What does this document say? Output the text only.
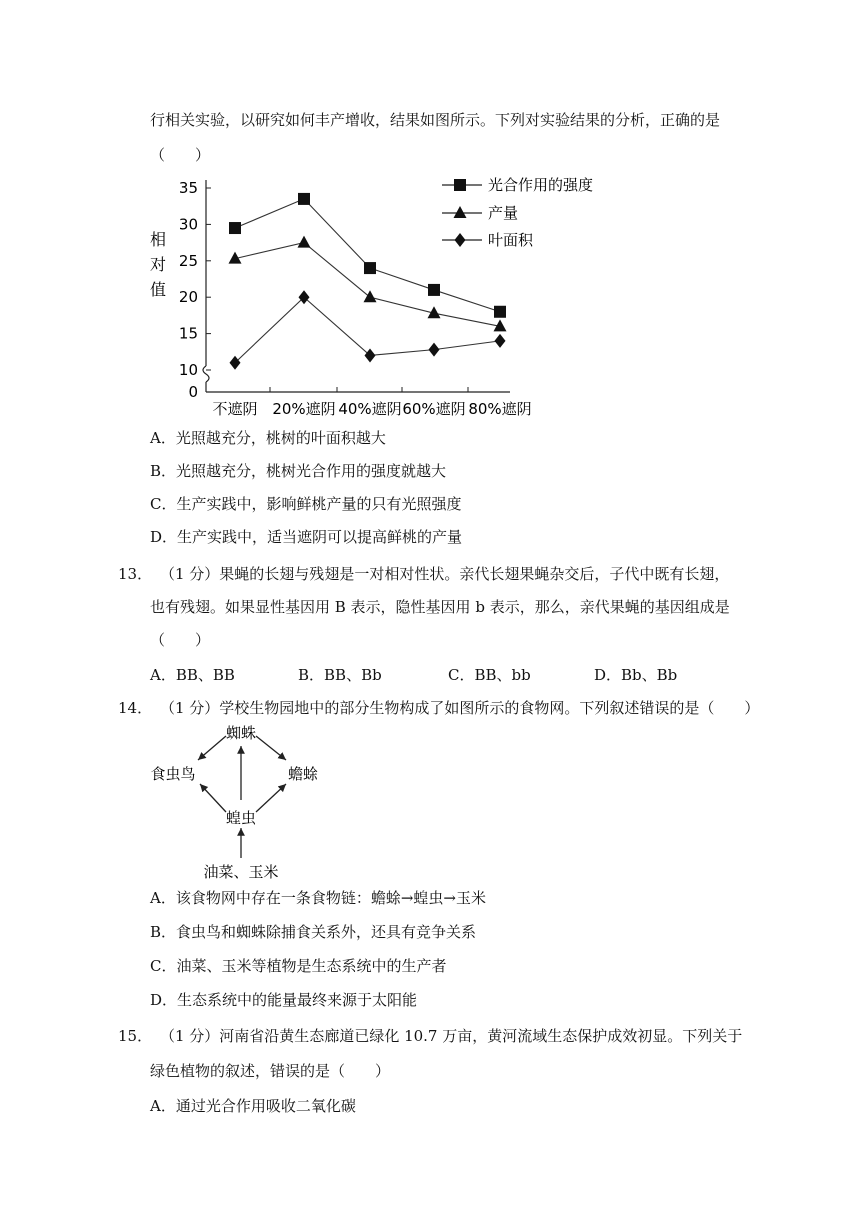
行相关实验，以研究如何丰产增收，结果如图所示。下列对实验结果的分析，正确的是
（　　）
35
30
25
20
15
10
0
不遮阴 20%遮阴 40%遮阴 60%遮阴 80%遮阴
相
对
值
光合作用的强度
产量
叶面积
A．光照越充分，桃树的叶面积越大
B．光照越充分，桃树光合作用的强度就越大
C．生产实践中，影响鲜桃产量的只有光照强度
D．生产实践中，适当遮阴可以提高鲜桃的产量
13． （1 分）果蝇的长翅与残翅是一对相对性状。亲代长翅果蝇杂交后，子代中既有长翅，
也有残翅。如果显性基因用 B 表示，隐性基因用 b 表示，那么，亲代果蝇的基因组成是
（　　）
A．BB、BB	B．BB、Bb	C．BB、bb	D．Bb、Bb
14． （1 分）学校生物园地中的部分生物构成了如图所示的食物网。下列叙述错误的是（　　）
蜘蛛
食虫鸟	蟾蜍
蝗虫
油菜、玉米
A．该食物网中存在一条食物链：蟾蜍→蝗虫→玉米
B．食虫鸟和蜘蛛除捕食关系外，还具有竞争关系
C．油菜、玉米等植物是生态系统中的生产者
D．生态系统中的能量最终来源于太阳能
15． （1 分）河南省沿黄生态廊道已绿化 10.7 万亩，黄河流域生态保护成效初显。下列关于
绿色植物的叙述，错误的是（　　）
A．通过光合作用吸收二氧化碳
